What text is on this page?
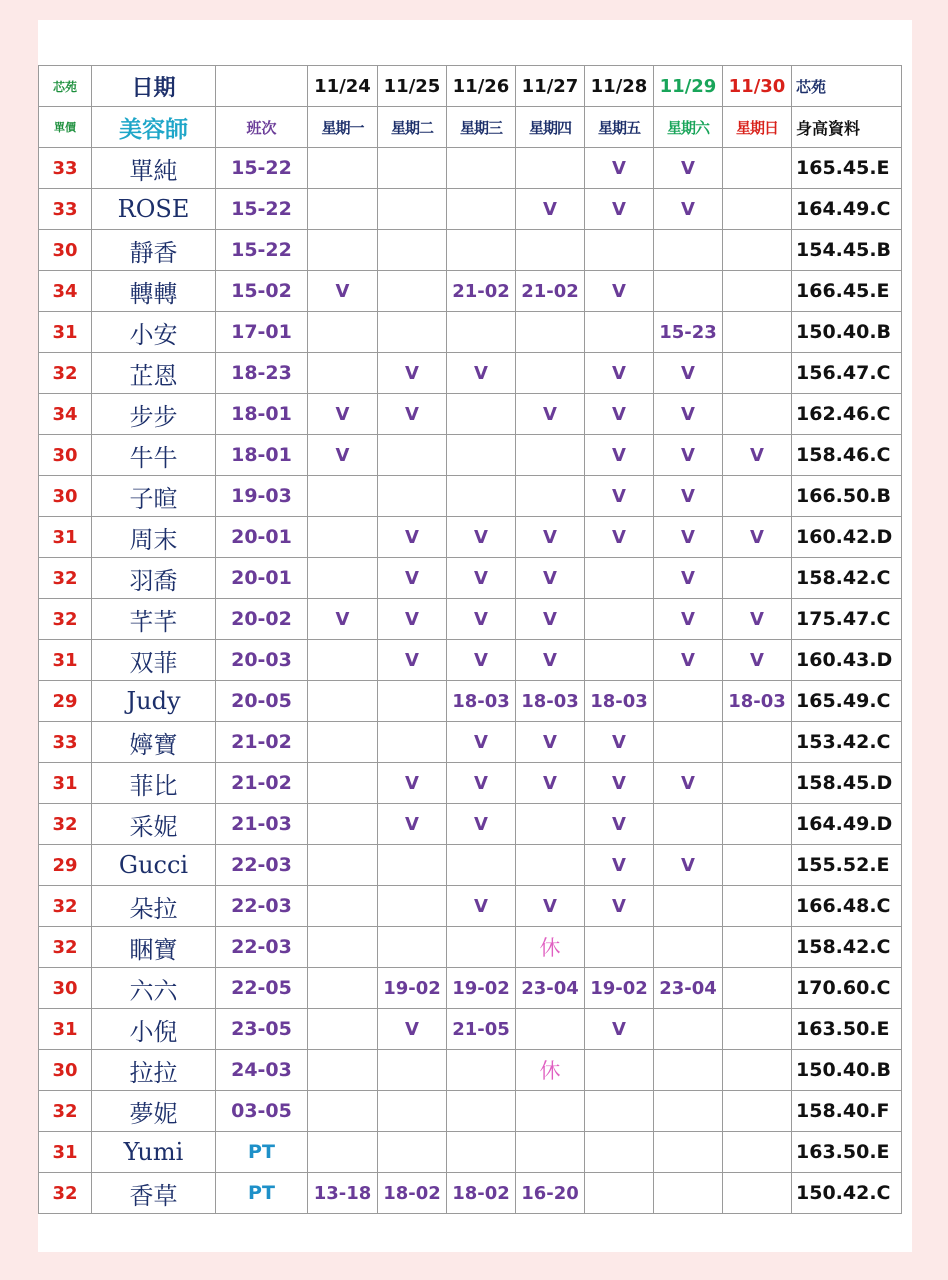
芯苑	日期		11/24	11/25	11/26	11/27	11/28	11/29	11/30	芯苑
單價	美容師	班次	星期一	星期二	星期三	星期四	星期五	星期六	星期日	身高資料
33	單純	15-22					V	V		165.45.E
33	ROSE	15-22				V	V	V		164.49.C
30	靜香	15-22								154.45.B
34	轉轉	15-02	V		21-02	21-02	V			166.45.E
31	小安	17-01						15-23		150.40.B
32	芷恩	18-23		V	V		V	V		156.47.C
34	步步	18-01	V	V		V	V	V		162.46.C
30	牛牛	18-01	V				V	V	V	158.46.C
30	子暄	19-03					V	V		166.50.B
31	周末	20-01		V	V	V	V	V	V	160.42.D
32	羽喬	20-01		V	V	V		V		158.42.C
32	芊芊	20-02	V	V	V	V		V	V	175.47.C
31	双菲	20-03		V	V	V		V	V	160.43.D
29	Judy	20-05			18-03	18-03	18-03		18-03	165.49.C
33	嬣寶	21-02			V	V	V			153.42.C
31	菲比	21-02		V	V	V	V	V		158.45.D
32	采妮	21-03		V	V		V			164.49.D
29	Gucci	22-03					V	V		155.52.E
32	朵拉	22-03			V	V	V			166.48.C
32	睏寶	22-03				休				158.42.C
30	六六	22-05		19-02	19-02	23-04	19-02	23-04		170.60.C
31	小倪	23-05		V	21-05		V			163.50.E
30	拉拉	24-03				休				150.40.B
32	夢妮	03-05								158.40.F
31	Yumi	PT								163.50.E
32	香草	PT	13-18	18-02	18-02	16-20				150.42.C
